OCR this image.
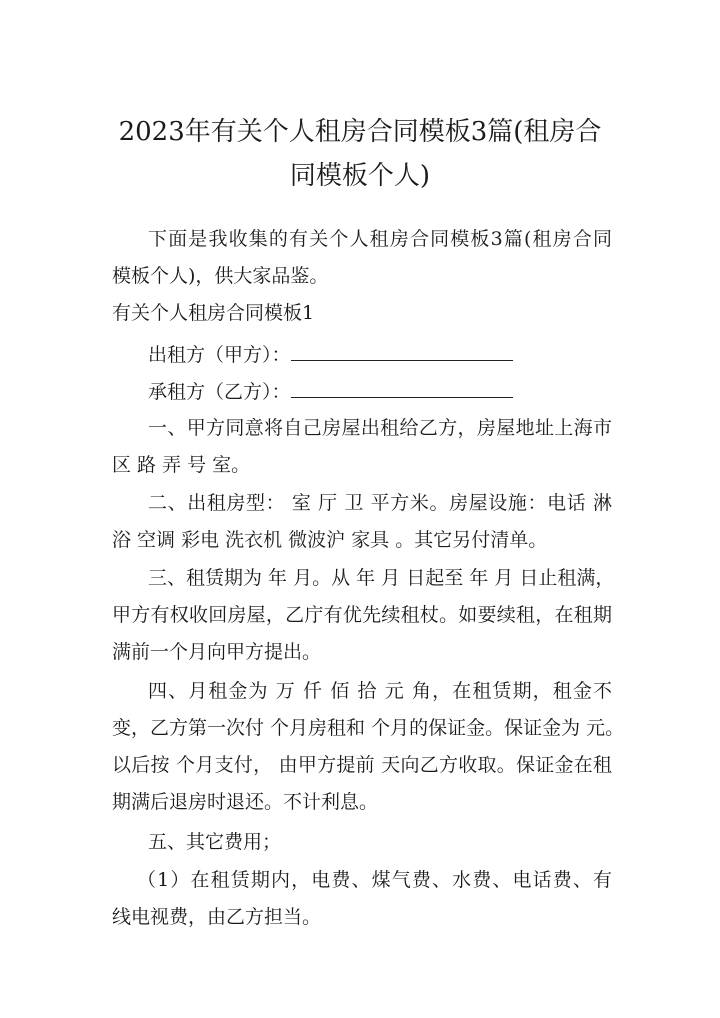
2023年有关个人租房合同模板3篇(租房合
同模板个人)
下面是我收集的有关个人租房合同模板3篇(租房合同
模板个人)，供大家品鉴。
有关个人租房合同模板1
出租方（甲方）：
承租方（乙方）：
一、甲方同意将自己房屋出租给乙方，房屋地址上海市
区 路 弄 号 室。
二、出租房型： 室 厅 卫 平方米。房屋设施：电话 淋
浴 空调 彩电 洗衣机 微波沪 家具 。其它另付清单。
三、租赁期为 年 月。从 年 月 日起至 年 月 日止租满，
甲方有权收回房屋，乙庁有优先续租杖。如要续租，在租期
满前一个月向甲方提出。
四、月租金为 万 仟 佰 拾 元 角，在租赁期，租金不
变，乙方第一次付 个月房租和 个月的保证金。保证金为 元。
以后按 个月支付， 由甲方提前 天向乙方收取。保证金在租
期满后退房时退还。不计利息。
五、其它费用；
（1）在租赁期内，电费、煤气费、水费、电话费、有
线电视费，由乙方担当。
